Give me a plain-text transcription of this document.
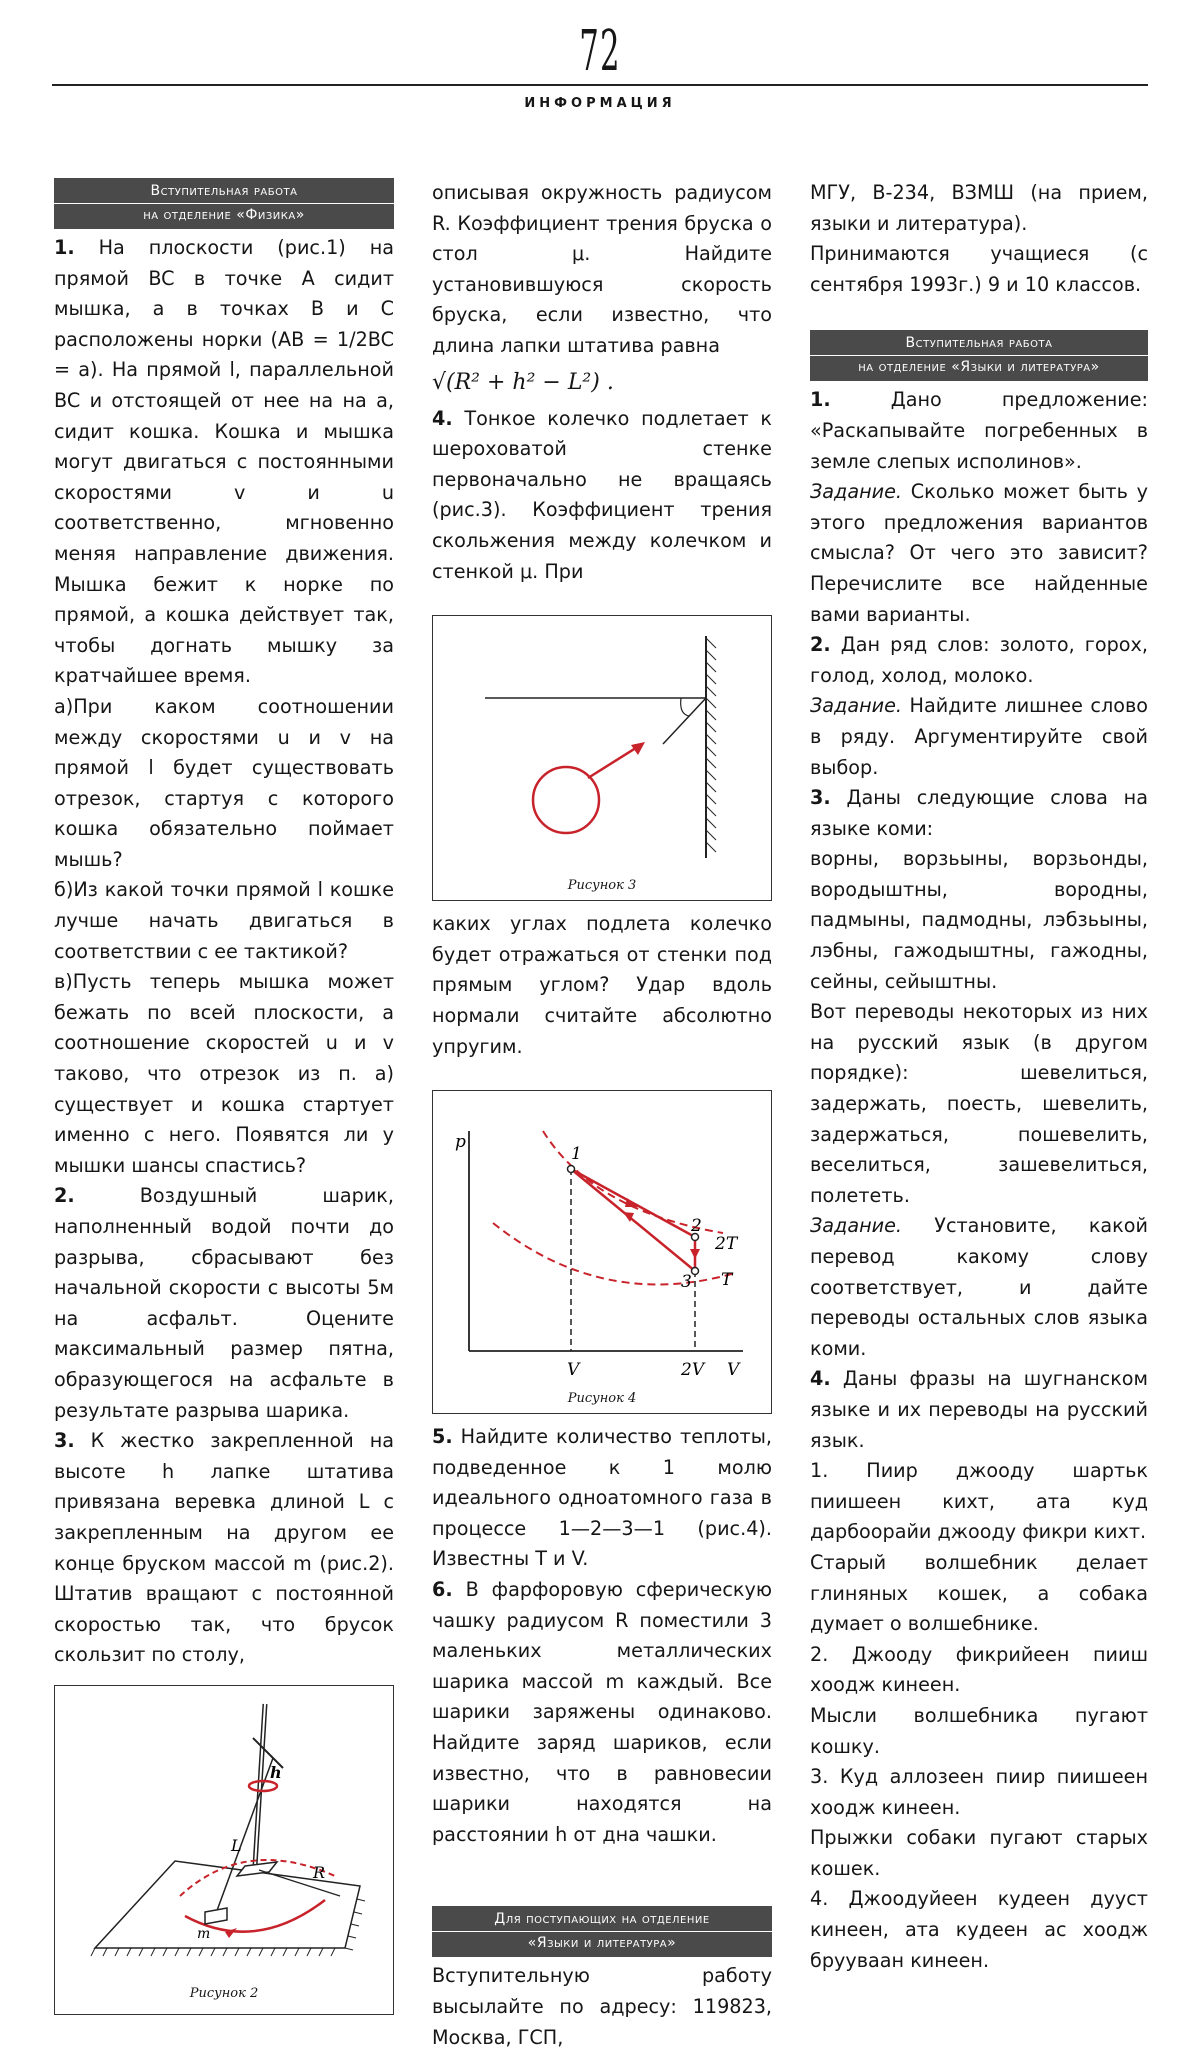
72
ИНФОРМАЦИЯ
Вступительная работа
на отделение «Физика»

1. На плоскости (рис.1) на прямой BC в точке A сидит мышка, а в точках B и C расположены норки (AB = 1/2BC = a). На прямой l, параллельной BC и отстоящей от нее на на a, сидит кошка. Кошка и мышка могут двигаться с постоянными скоростями v и u соответственно, мгновенно меняя направление движения. Мышка бежит к норке по прямой, а кошка действует так, чтобы догнать мышку за кратчайшее время.

а)При каком соотношении между скоростями u и v на прямой l будет существовать отрезок, стартуя с которого кошка обязательно поймает мышь?

б)Из какой точки прямой l кошке лучше начать двигаться в соответствии с ее тактикой?

в)Пусть теперь мышка может бежать по всей плоскости, а соотношение скоростей u и v таково, что отрезок из п. а) существует и кошка стартует именно с него. Появятся ли у мышки шансы спастись?

2.	Воздушный шарик, наполненный водой почти до разрыва, сбрасывают без начальной скорости с высоты 5м на асфальт. Оцените максимальный размер пятна, образующегося на асфальте в результате разрыва шарика.

3. К жестко закрепленной на высоте h лапке штатива привязана веревка длиной L с закрепленным на другом ее конце бруском массой m (рис.2). Штатив вращают с постоянной скоростью так, что брусок скользит по столу,

h
L
R
m
Рисунок 2

описывая окружность радиусом R. Коэффициент трения бруска о стол μ. Найдите установившуюся скорость бруска, если известно, что длина лапки штатива равна

√(R² + h² − L²) .

4. Тонкое колечко подлетает к шероховатой стенке первоначально не вращаясь (рис.3). Коэффициент трения скольжения между колечком и стенкой μ. При

Рисунок 3

каких углах подлета колечко будет отражаться от стенки под прямым углом? Удар вдоль нормали считайте абсолютно упругим.

p
V	2V V
1
2
3
2T
T
Рисунок 4

5. Найдите количество теплоты, подведенное к 1 молю идеального одноатомного газа в процессе 1—2—3—1 (рис.4). Известны T и V.

6. В фарфоровую сферическую чашку радиусом R поместили 3 маленьких металлических шарика массой m каждый. Все шарики заряжены одинаково. Найдите заряд шариков, если известно, что в равновесии шарики находятся на расстоянии h от дна чашки.

Для поступающих на отделение
«Языки и литература»

Вступительную работу высылайте по адресу: 119823, Москва, ГСП,

МГУ, В-234, ВЗМШ (на прием, языки и литература).

Принимаются учащиеся (с сентября 1993г.) 9 и 10 классов.

Вступительная работа
на отделение «Языки и литература»

1.	Дано предложение: «Раскапывайте погребенных в земле слепых исполинов».

Задание. Сколько может быть у этого предложения вариантов смысла? От чего это зависит? Перечислите все найденные вами варианты.

2. Дан ряд слов: золото, горох, голод, холод, молоко.

Задание. Найдите лишнее слово в ряду. Аргументируйте свой выбор.

3. Даны следующие слова на языке коми:

ворны, ворзьыны, ворзьонды, вородыштны, вородны, падмыны, падмодны, лэбзьыны, лэбны, гажодыштны, гажодны, сейны, сейыштны.

Вот переводы некоторых из них на русский язык (в другом порядке): шевелиться, задержать, поесть, шевелить, задержаться, пошевелить, веселиться, зашевелиться, полететь.

Задание. Установите, какой перевод какому слову соответствует, и дайте переводы остальных слов языка коми.

4. Даны фразы на шугнанском языке и их переводы на русский язык.

1. Пиир джооду шартьк пиишеен кихт, ата куд дарбоорайи джооду фикри кихт.

Старый волшебник делает глиняных кошек, а собака думает о волшебнике.

2. Джооду фикрийеен пииш хоодж кинеен.

Мысли волшебника пугают кошку.

3. Куд аллозеен пиир пиишеен хоодж кинеен.

Прыжки собаки пугают старых кошек.

4. Джоодуйеен кудеен дууст кинеен, ата кудеен ас хоодж брууваан кинеен.
